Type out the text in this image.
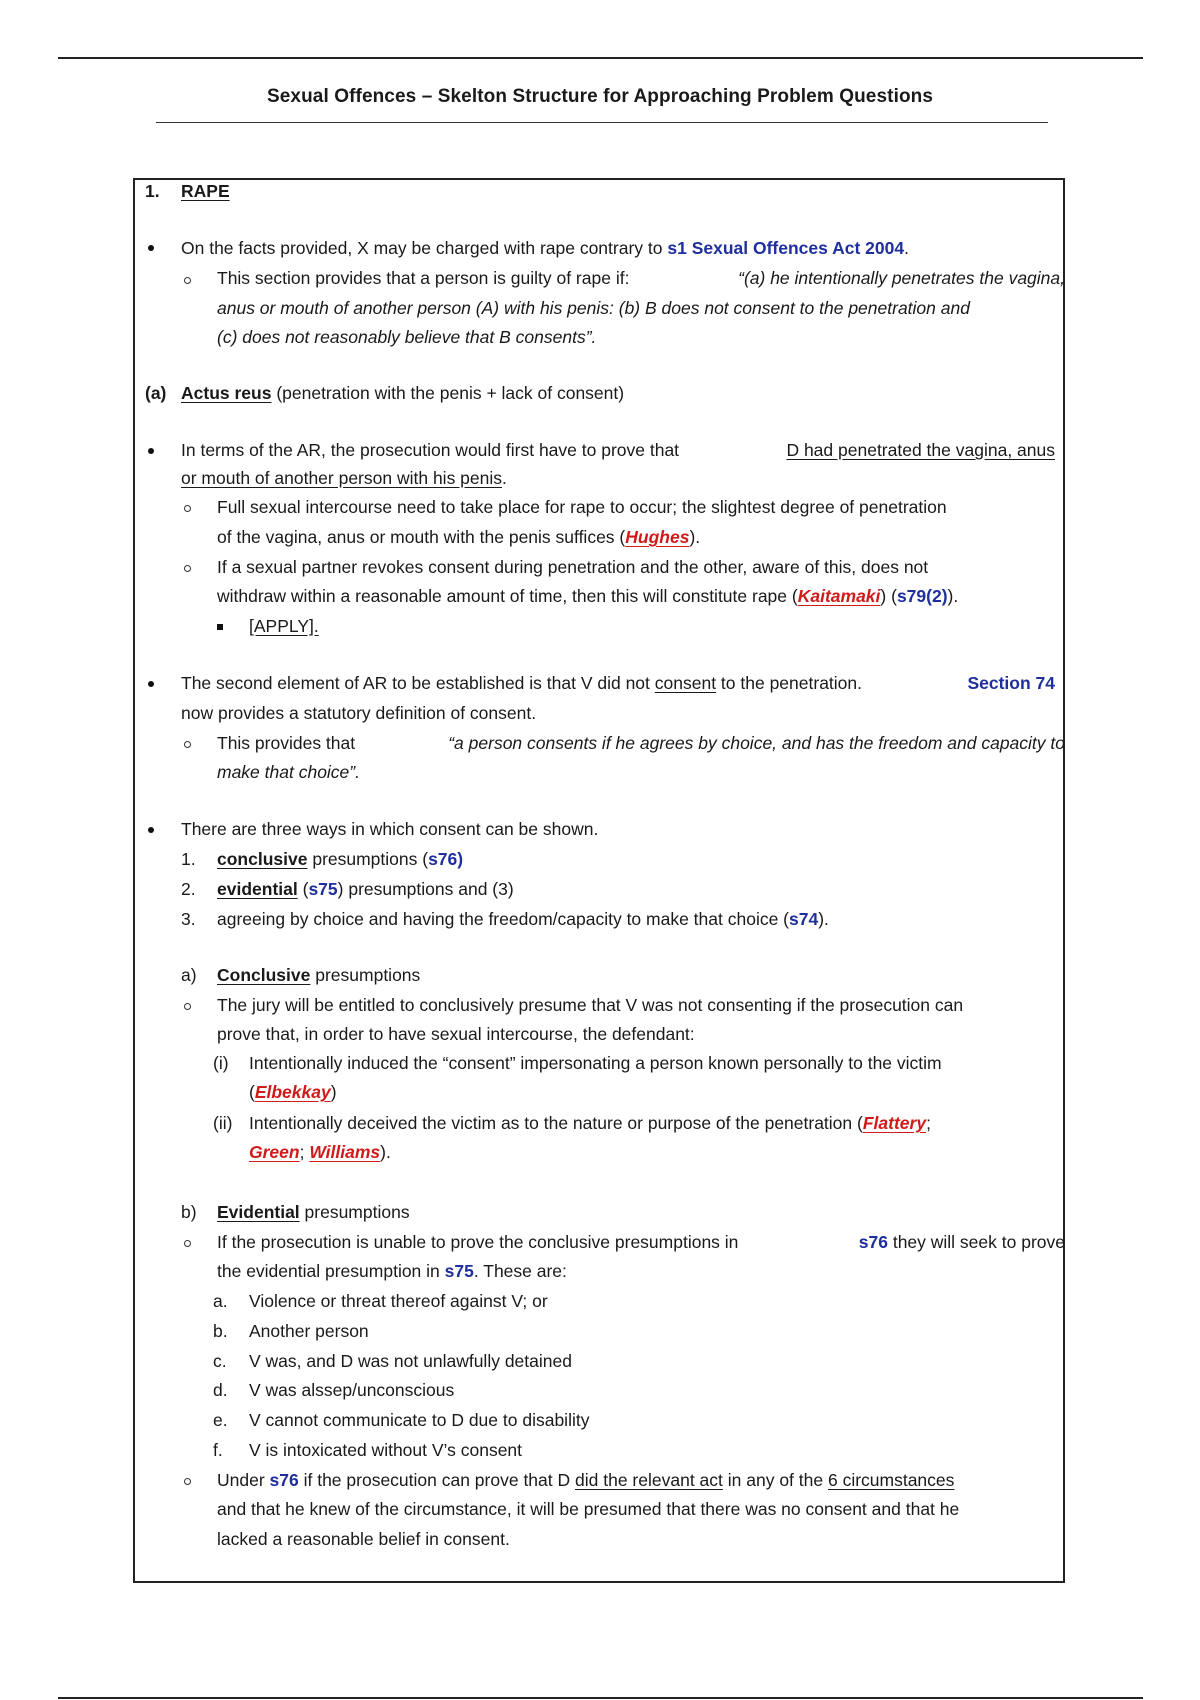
Sexual Offences – Skelton Structure for Approaching Problem Questions
1. RAPE
On the facts provided, X may be charged with rape contrary to s1 Sexual Offences Act 2004.
This section provides that a person is guilty of rape if:	“(a) he intentionally penetrates the vagina,
anus or mouth of another person (A) with his penis: (b) B does not consent to the penetration and
(c) does not reasonably believe that B consents”.
(a) Actus reus (penetration with the penis + lack of consent)
In terms of the AR, the prosecution would first have to prove that	D had penetrated the vagina, anus
or mouth of another person with his penis.
Full sexual intercourse need to take place for rape to occur; the slightest degree of penetration
of the vagina, anus or mouth with the penis suffices (Hughes).
If a sexual partner revokes consent during penetration and the other, aware of this, does not
withdraw within a reasonable amount of time, then this will constitute rape (Kaitamaki) (s79(2)).
[APPLY].
The second element of AR to be established is that V did not consent to the penetration.	Section 74
now provides a statutory definition of consent.
This provides that	“a person consents if he agrees by choice, and has the freedom and capacity to
make that choice”.
There are three ways in which consent can be shown.
1. conclusive presumptions (s76)
2. evidential (s75) presumptions and (3)
3. agreeing by choice and having the freedom/capacity to make that choice (s74).
a) Conclusive presumptions
The jury will be entitled to conclusively presume that V was not consenting if the prosecution can
prove that, in order to have sexual intercourse, the defendant:
(i) Intentionally induced the “consent” impersonating a person known personally to the victim
(Elbekkay)
(ii) Intentionally deceived the victim as to the nature or purpose of the penetration (Flattery;
Green; Williams).
b) Evidential presumptions
If the prosecution is unable to prove the conclusive presumptions in	s76 they will seek to prove
the evidential presumption in s75. These are:
a. Violence or threat thereof against V; or
b. Another person
c. V was, and D was not unlawfully detained
d. V was alssep/unconscious
e. V cannot communicate to D due to disability
f. V is intoxicated without V’s consent
Under s76 if the prosecution can prove that D did the relevant act in any of the 6 circumstances
and that he knew of the circumstance, it will be presumed that there was no consent and that he
lacked a reasonable belief in consent.
